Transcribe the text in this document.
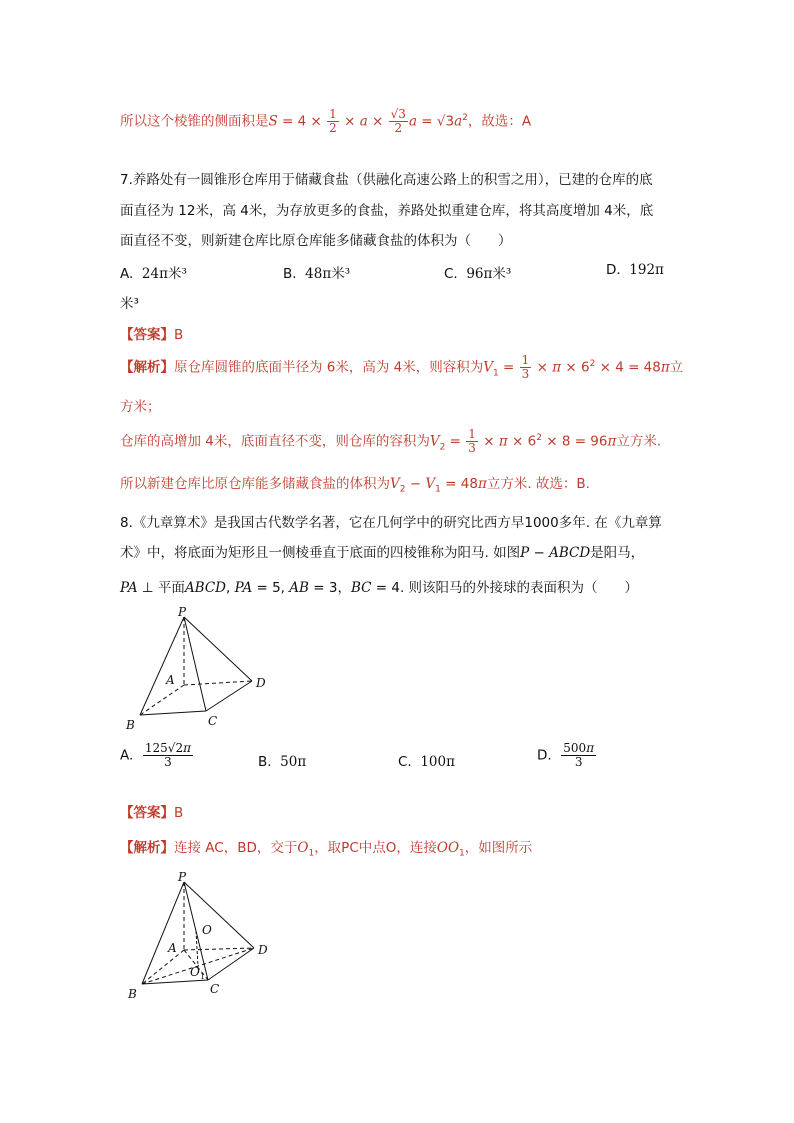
所以这个棱锥的侧面积是$S = 4 \times \frac{1}{2} \times a \times \frac{√3}{2}$ $a = √3a^2$，故选：A
7.养路处有一圆锥形仓库用于储藏食盐（供融化高速公路上的积雪之用），已建的仓库的底
面直径为 12米，高 4米，为存放更多的食盐，养路处拟重建仓库，将其高度增加 4米，底
面直径不变，则新建仓库比原仓库能多储藏食盐的体积为（　　）
A. 24π米³	B. 48π米³	C. 96π米³	D. 192π
米³
【答案】B
【解析】原仓库圆锥的底面半径为 6米，高为 4米，则容积为$V_1 = \frac{1}{3} \times \pi \times 6^2 \times 4 = 48\pi$立
方米；
仓库的高增加 4米，底面直径不变，则仓库的容积为$V_2 = \frac{1}{3} \times \pi \times 6^2 \times 8 = 96\pi$立方米.
所以新建仓库比原仓库能多储藏食盐的体积为$V_2 - V_1 = 48\pi$立方米. 故选：B.
8.《九章算术》是我国古代数学名著，它在几何学中的研究比西方早1000多年. 在《九章算
术》中，将底面为矩形且一侧棱垂直于底面的四棱锥称为阳马. 如图P − ABCD是阳马，
PA ⊥ 平面ABCD, PA = 5, AB = 3，BC = 4. 则该阳马的外接球的表面积为（　　）
P
A
B	C
D
A. $\frac{125√2\pi}{3}$	B. 50π	C. 100π	D. $\frac{500\pi}{3}$
【答案】B
【解析】连接 AC，BD，交于$O_1$，取PC中点O，连接$OO_1$，如图所示
P
A
B	C
D
O
O 1
